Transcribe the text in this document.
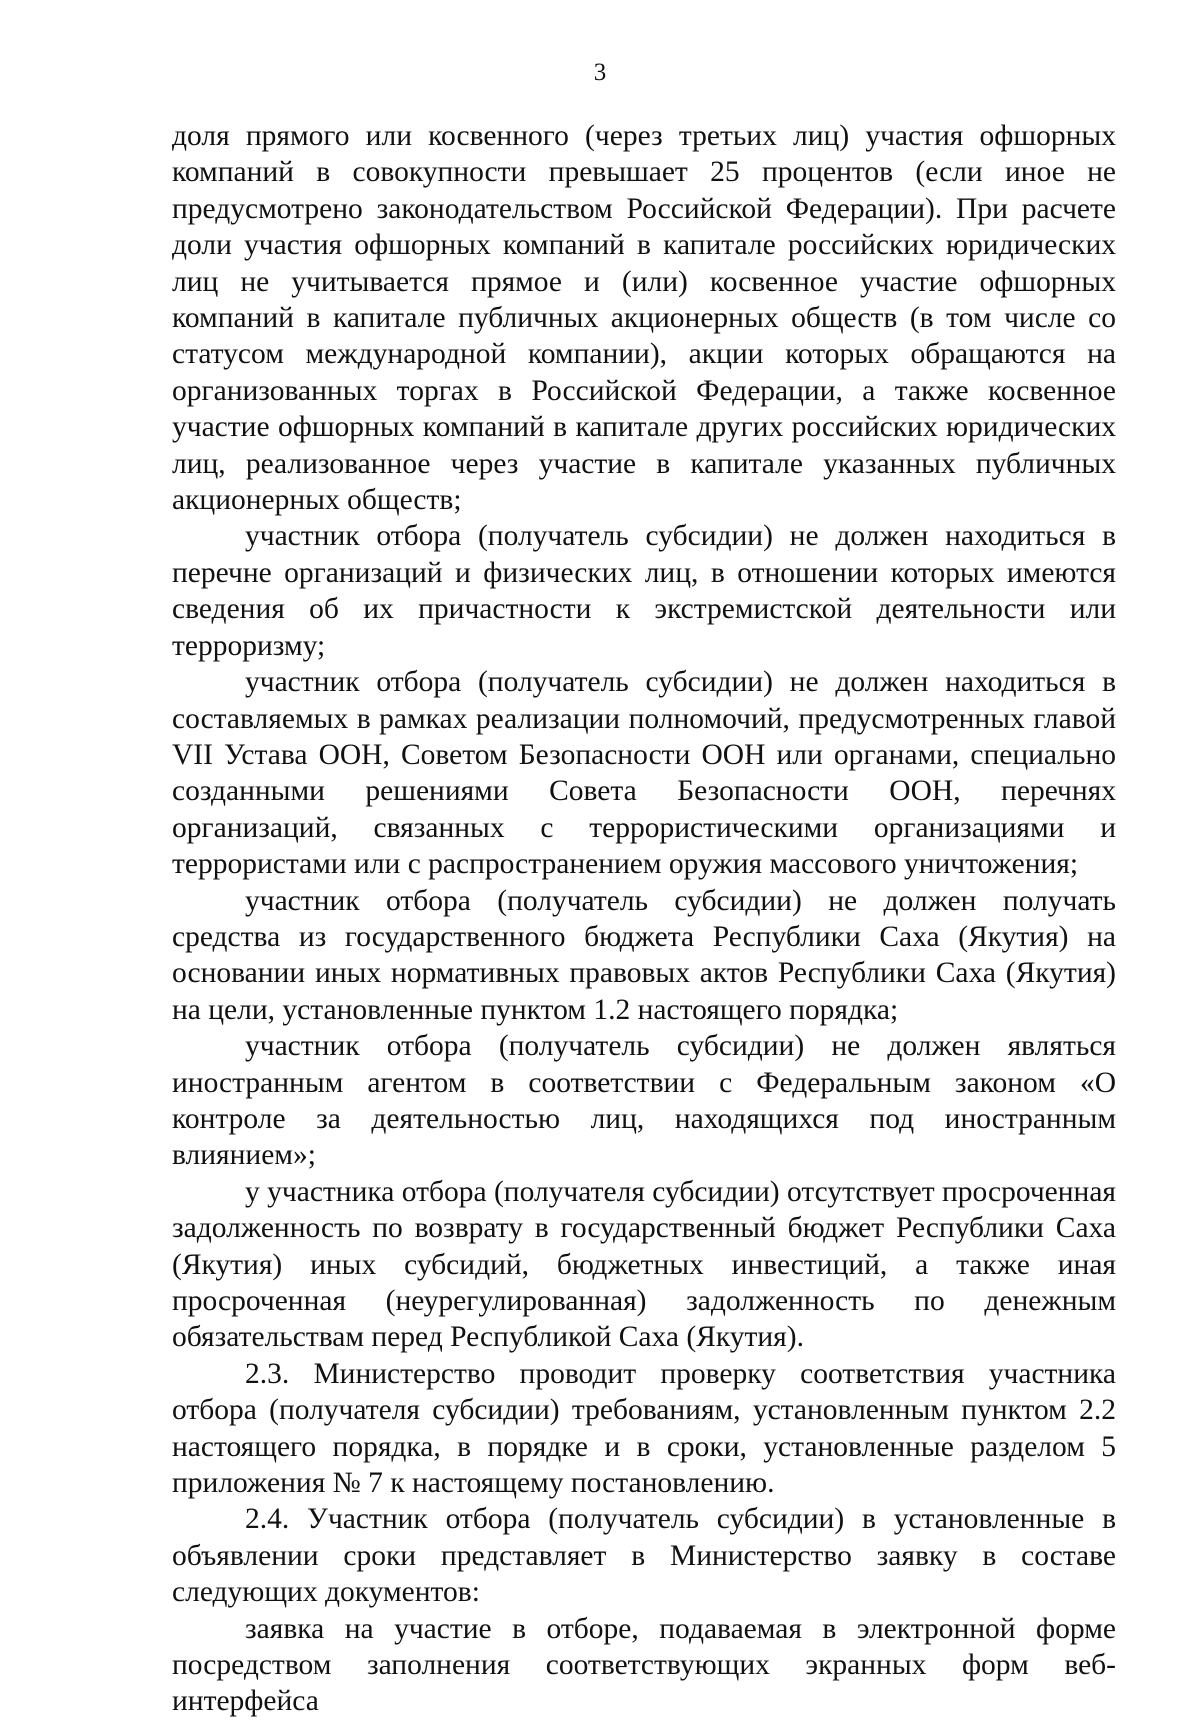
3

доля прямого или косвенного (через третьих лиц) участия офшорных компаний в совокупности превышает 25 процентов (если иное не предусмотрено законодательством Российской Федерации). При расчете доли участия офшорных компаний в капитале российских юридических лиц не учитывается прямое и (или) косвенное участие офшорных компаний в капитале публичных акционерных обществ (в том числе со статусом международной компании), акции которых обращаются на организованных торгах в Российской Федерации, а также косвенное участие офшорных компаний в капитале других российских юридических лиц, реализованное через участие в капитале указанных публичных акционерных обществ;

участник отбора (получатель субсидии) не должен находиться в перечне организаций и физических лиц, в отношении которых имеются сведения об их причастности к экстремистской деятельности или терроризму;

участник отбора (получатель субсидии) не должен находиться в составляемых в рамках реализации полномочий, предусмотренных главой VII Устава ООН, Советом Безопасности ООН или органами, специально созданными решениями Совета Безопасности ООН, перечнях организаций, связанных с террористическими организациями и террористами или с распространением оружия массового уничтожения;

участник отбора (получатель субсидии) не должен получать средства из государственного бюджета Республики Саха (Якутия) на основании иных нормативных правовых актов Республики Саха (Якутия) на цели, установленные пунктом 1.2 настоящего порядка;

участник отбора (получатель субсидии) не должен являться иностранным агентом в соответствии с Федеральным законом «О контроле за деятельностью лиц, находящихся под иностранным влиянием»;

у участника отбора (получателя субсидии) отсутствует просроченная задолженность по возврату в государственный бюджет Республики Саха (Якутия) иных субсидий, бюджетных инвестиций, а также иная просроченная (неурегулированная) задолженность по денежным обязательствам перед Республикой Саха (Якутия).

2.3. Министерство проводит проверку соответствия участника отбора (получателя субсидии) требованиям, установленным пунктом 2.2 настоящего порядка, в порядке и в сроки, установленные разделом 5 приложения № 7 к настоящему постановлению.

2.4. Участник отбора (получатель субсидии) в установленные в объявлении сроки представляет в Министерство заявку в составе следующих документов:

заявка на участие в отборе, подаваемая в электронной форме посредством заполнения соответствующих экранных форм веб-интерфейса
